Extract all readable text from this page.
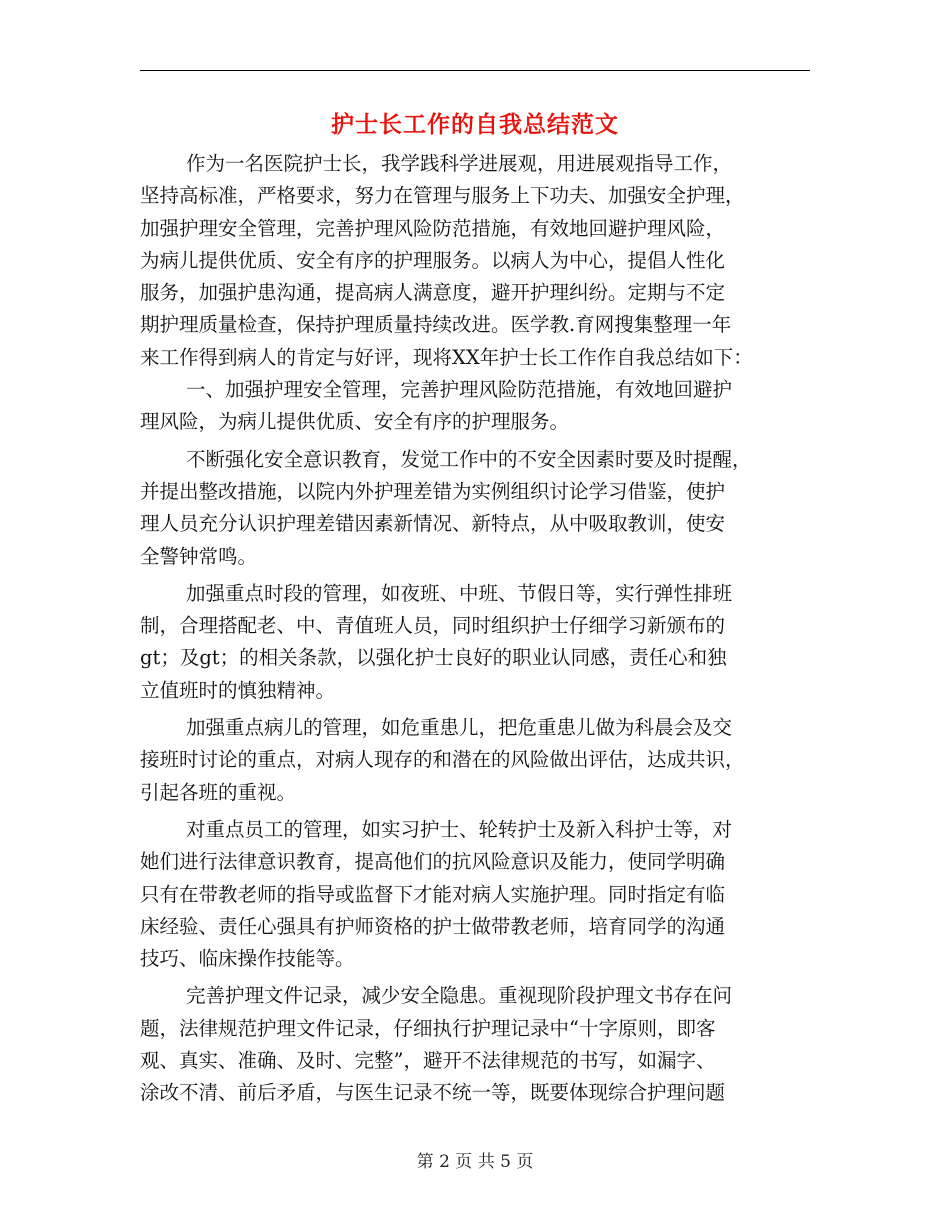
护士长工作的自我总结范文
作为一名医院护士长，我学践科学进展观，用进展观指导工作，
坚持高标准，严格要求，努力在管理与服务上下功夫、加强安全护理，
加强护理安全管理，完善护理风险防范措施，有效地回避护理风险，
为病儿提供优质、安全有序的护理服务。以病人为中心，提倡人性化
服务，加强护患沟通，提高病人满意度，避开护理纠纷。定期与不定
期护理质量检查，保持护理质量持续改进。医学教.育网搜集整理一年
来工作得到病人的肯定与好评，现将XX年护士长工作作自我总结如下：
一、加强护理安全管理，完善护理风险防范措施，有效地回避护
理风险，为病儿提供优质、安全有序的护理服务。
不断强化安全意识教育，发觉工作中的不安全因素时要及时提醒，
并提出整改措施，以院内外护理差错为实例组织讨论学习借鉴，使护
理人员充分认识护理差错因素新情况、新特点，从中吸取教训，使安
全警钟常鸣。
加强重点时段的管理，如夜班、中班、节假日等，实行弹性排班
制，合理搭配老、中、青值班人员，同时组织护士仔细学习新颁布的
gt；及gt；的相关条款，以强化护士良好的职业认同感，责任心和独
立值班时的慎独精神。
加强重点病儿的管理，如危重患儿，把危重患儿做为科晨会及交
接班时讨论的重点，对病人现存的和潜在的风险做出评估，达成共识，
引起各班的重视。
对重点员工的管理，如实习护士、轮转护士及新入科护士等，对
她们进行法律意识教育，提高他们的抗风险意识及能力，使同学明确
只有在带教老师的指导或监督下才能对病人实施护理。同时指定有临
床经验、责任心强具有护师资格的护士做带教老师，培育同学的沟通
技巧、临床操作技能等。
完善护理文件记录，减少安全隐患。重视现阶段护理文书存在问
题，法律规范护理文件记录，仔细执行护理记录中“十字原则，即客
观、真实、准确、及时、完整”，避开不法律规范的书写，如漏字、
涂改不清、前后矛盾，与医生记录不统一等，既要体现综合护理问题
第 2 页 共 5 页
